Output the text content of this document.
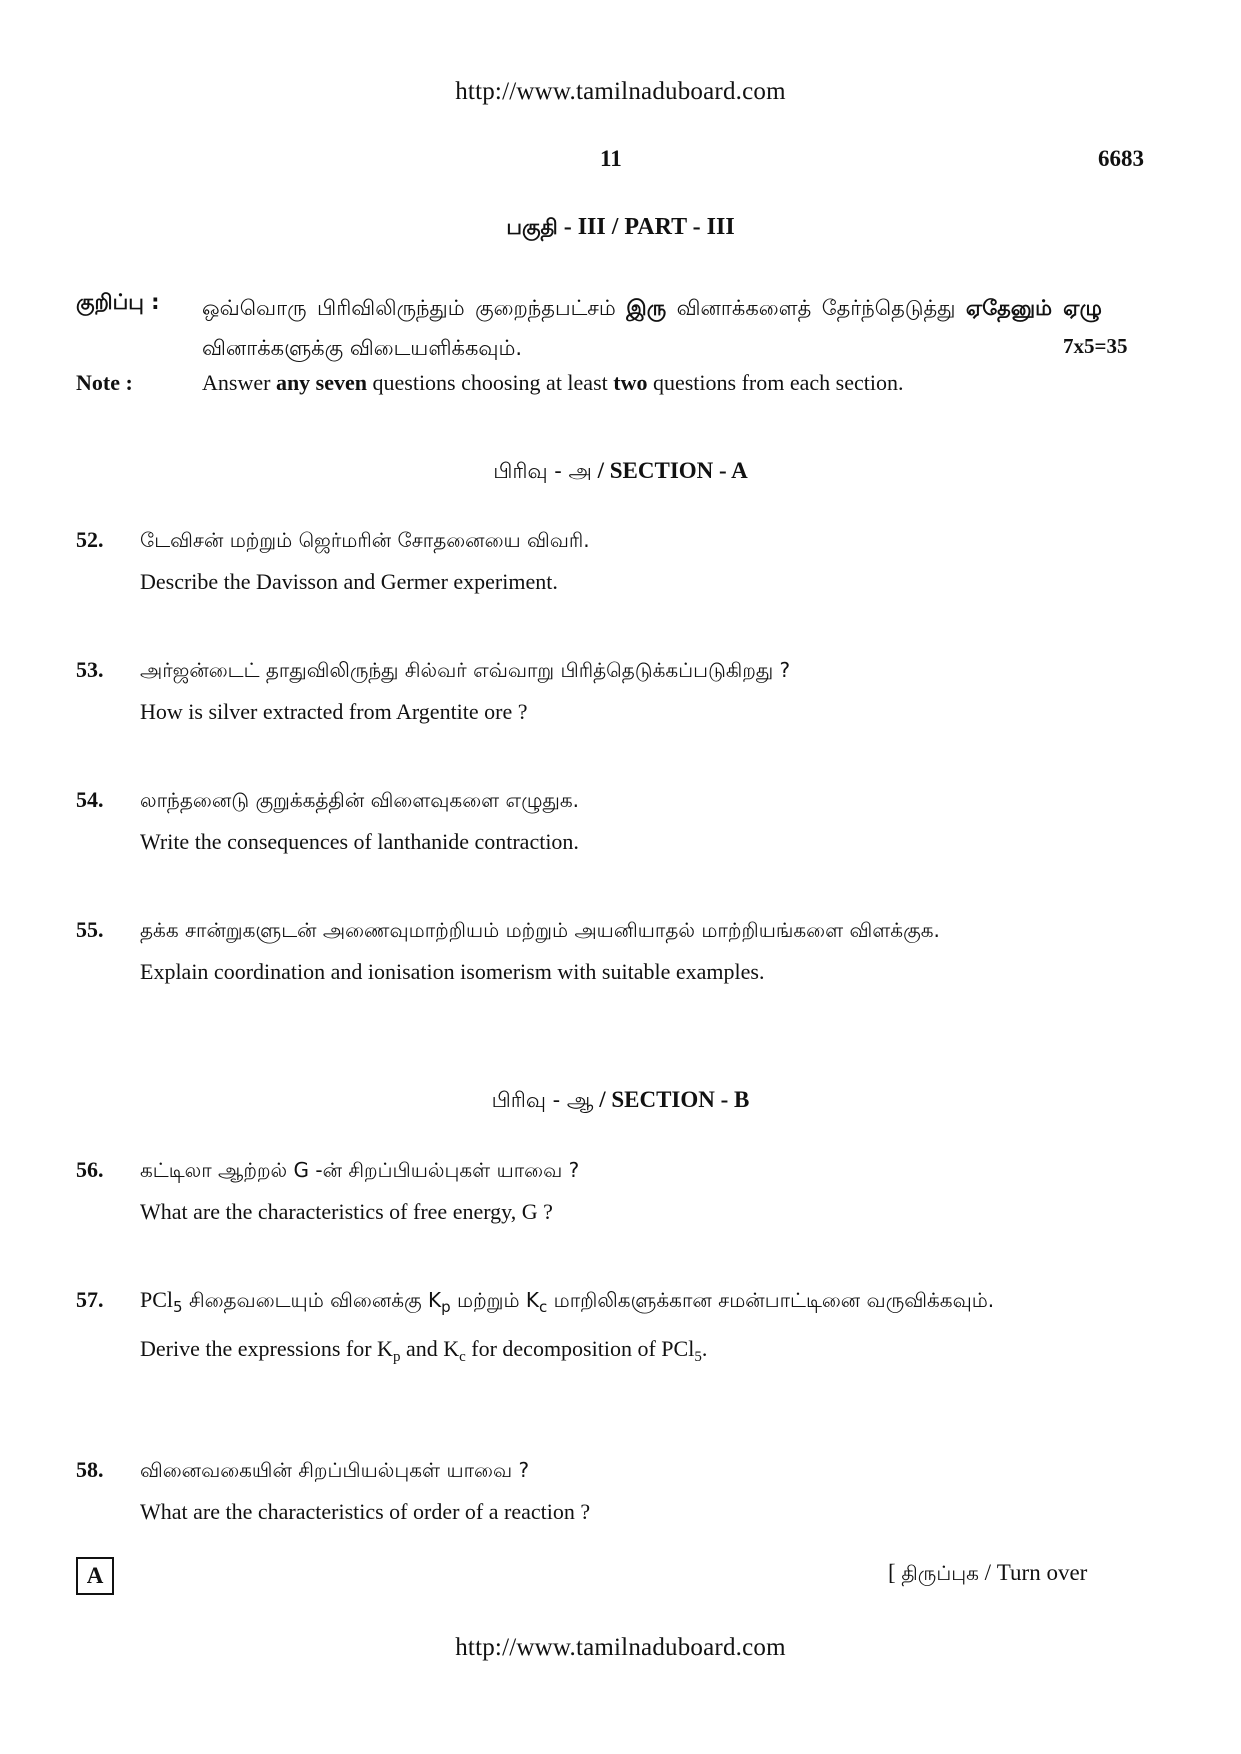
http://www.tamilnaduboard.com
11	6683
பகுதி - III / PART - III
குறிப்பு : ஒவ்வொரு பிரிவிலிருந்தும் குறைந்தபட்சம் இரு வினாக்களைத் தேர்ந்தெடுத்து ஏதேனும் ஏழு வினாக்களுக்கு விடையளிக்கவும்.	7x5=35
Note :	Answer any seven questions choosing at least two questions from each section.
பிரிவு - அ / SECTION - A
52. டேவிசன் மற்றும் ஜெர்மரின் சோதனையை விவரி.
Describe the Davisson and Germer experiment.
53. அர்ஜன்டைட் தாதுவிலிருந்து சில்வர் எவ்வாறு பிரித்தெடுக்கப்படுகிறது ?
How is silver extracted from Argentite ore ?
54. லாந்தனைடு குறுக்கத்தின் விளைவுகளை எழுதுக.
Write the consequences of lanthanide contraction.
55. தக்க சான்றுகளுடன் அணைவுமாற்றியம் மற்றும் அயனியாதல் மாற்றியங்களை விளக்குக.
Explain coordination and ionisation isomerism with suitable examples.
பிரிவு - ஆ / SECTION - B
56. கட்டிலா ஆற்றல் G -ன் சிறப்பியல்புகள் யாவை ?
What are the characteristics of free energy, G ?
57. PCl$_5$ சிதைவடையும் வினைக்கு $K_p$ மற்றும் $K_c$ மாறிலிகளுக்கான சமன்பாட்டினை வருவிக்கவும்.
Derive the expressions for $K_p$ and $K_c$ for decomposition of PCl$_5$.
58. வினைவகையின் சிறப்பியல்புகள் யாவை ?
What are the characteristics of order of a reaction ?
A	[ திருப்புக / Turn over
http://www.tamilnaduboard.com
